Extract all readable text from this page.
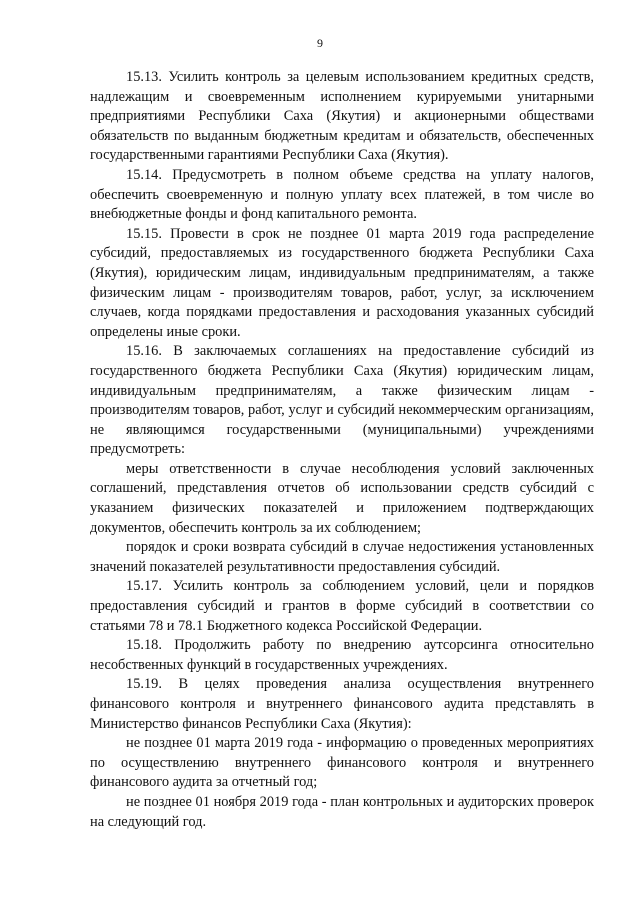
9

15.13. Усилить контроль за целевым использованием кредитных средств, надлежащим и своевременным исполнением курируемыми унитарными предприятиями Республики Саха (Якутия) и акционерными обществами обязательств по выданным бюджетным кредитам и обязательств, обеспеченных государственными гарантиями Республики Саха (Якутия).

15.14. Предусмотреть в полном объеме средства на уплату налогов, обеспечить своевременную и полную уплату всех платежей, в том числе во внебюджетные фонды и фонд капитального ремонта.

15.15. Провести в срок не позднее 01 марта 2019 года распределение субсидий, предоставляемых из государственного бюджета Республики Саха (Якутия), юридическим лицам, индивидуальным предпринимателям, а также физическим лицам - производителям товаров, работ, услуг, за исключением случаев, когда порядками предоставления и расходования указанных субсидий определены иные сроки.

15.16. В заключаемых соглашениях на предоставление субсидий из государственного бюджета Республики Саха (Якутия) юридическим лицам, индивидуальным предпринимателям, а также физическим лицам - производителям товаров, работ, услуг и субсидий некоммерческим организациям, не являющимся государственными (муниципальными) учреждениями предусмотреть:

меры ответственности в случае несоблюдения условий заключенных соглашений, представления отчетов об использовании средств субсидий с указанием физических показателей и приложением подтверждающих документов, обеспечить контроль за их соблюдением;

порядок и сроки возврата субсидий в случае недостижения установленных значений показателей результативности предоставления субсидий.

15.17. Усилить контроль за соблюдением условий, цели и порядков предоставления субсидий и грантов в форме субсидий в соответствии со статьями 78 и 78.1 Бюджетного кодекса Российской Федерации.

15.18. Продолжить работу по внедрению аутсорсинга относительно несобственных функций в государственных учреждениях.

15.19. В целях проведения анализа осуществления внутреннего финансового контроля и внутреннего финансового аудита представлять в Министерство финансов Республики Саха (Якутия):

не позднее 01 марта 2019 года - информацию о проведенных мероприятиях по осуществлению внутреннего финансового контроля и внутреннего финансового аудита за отчетный год;

не позднее 01 ноября 2019 года - план контрольных и аудиторских проверок на следующий год.
